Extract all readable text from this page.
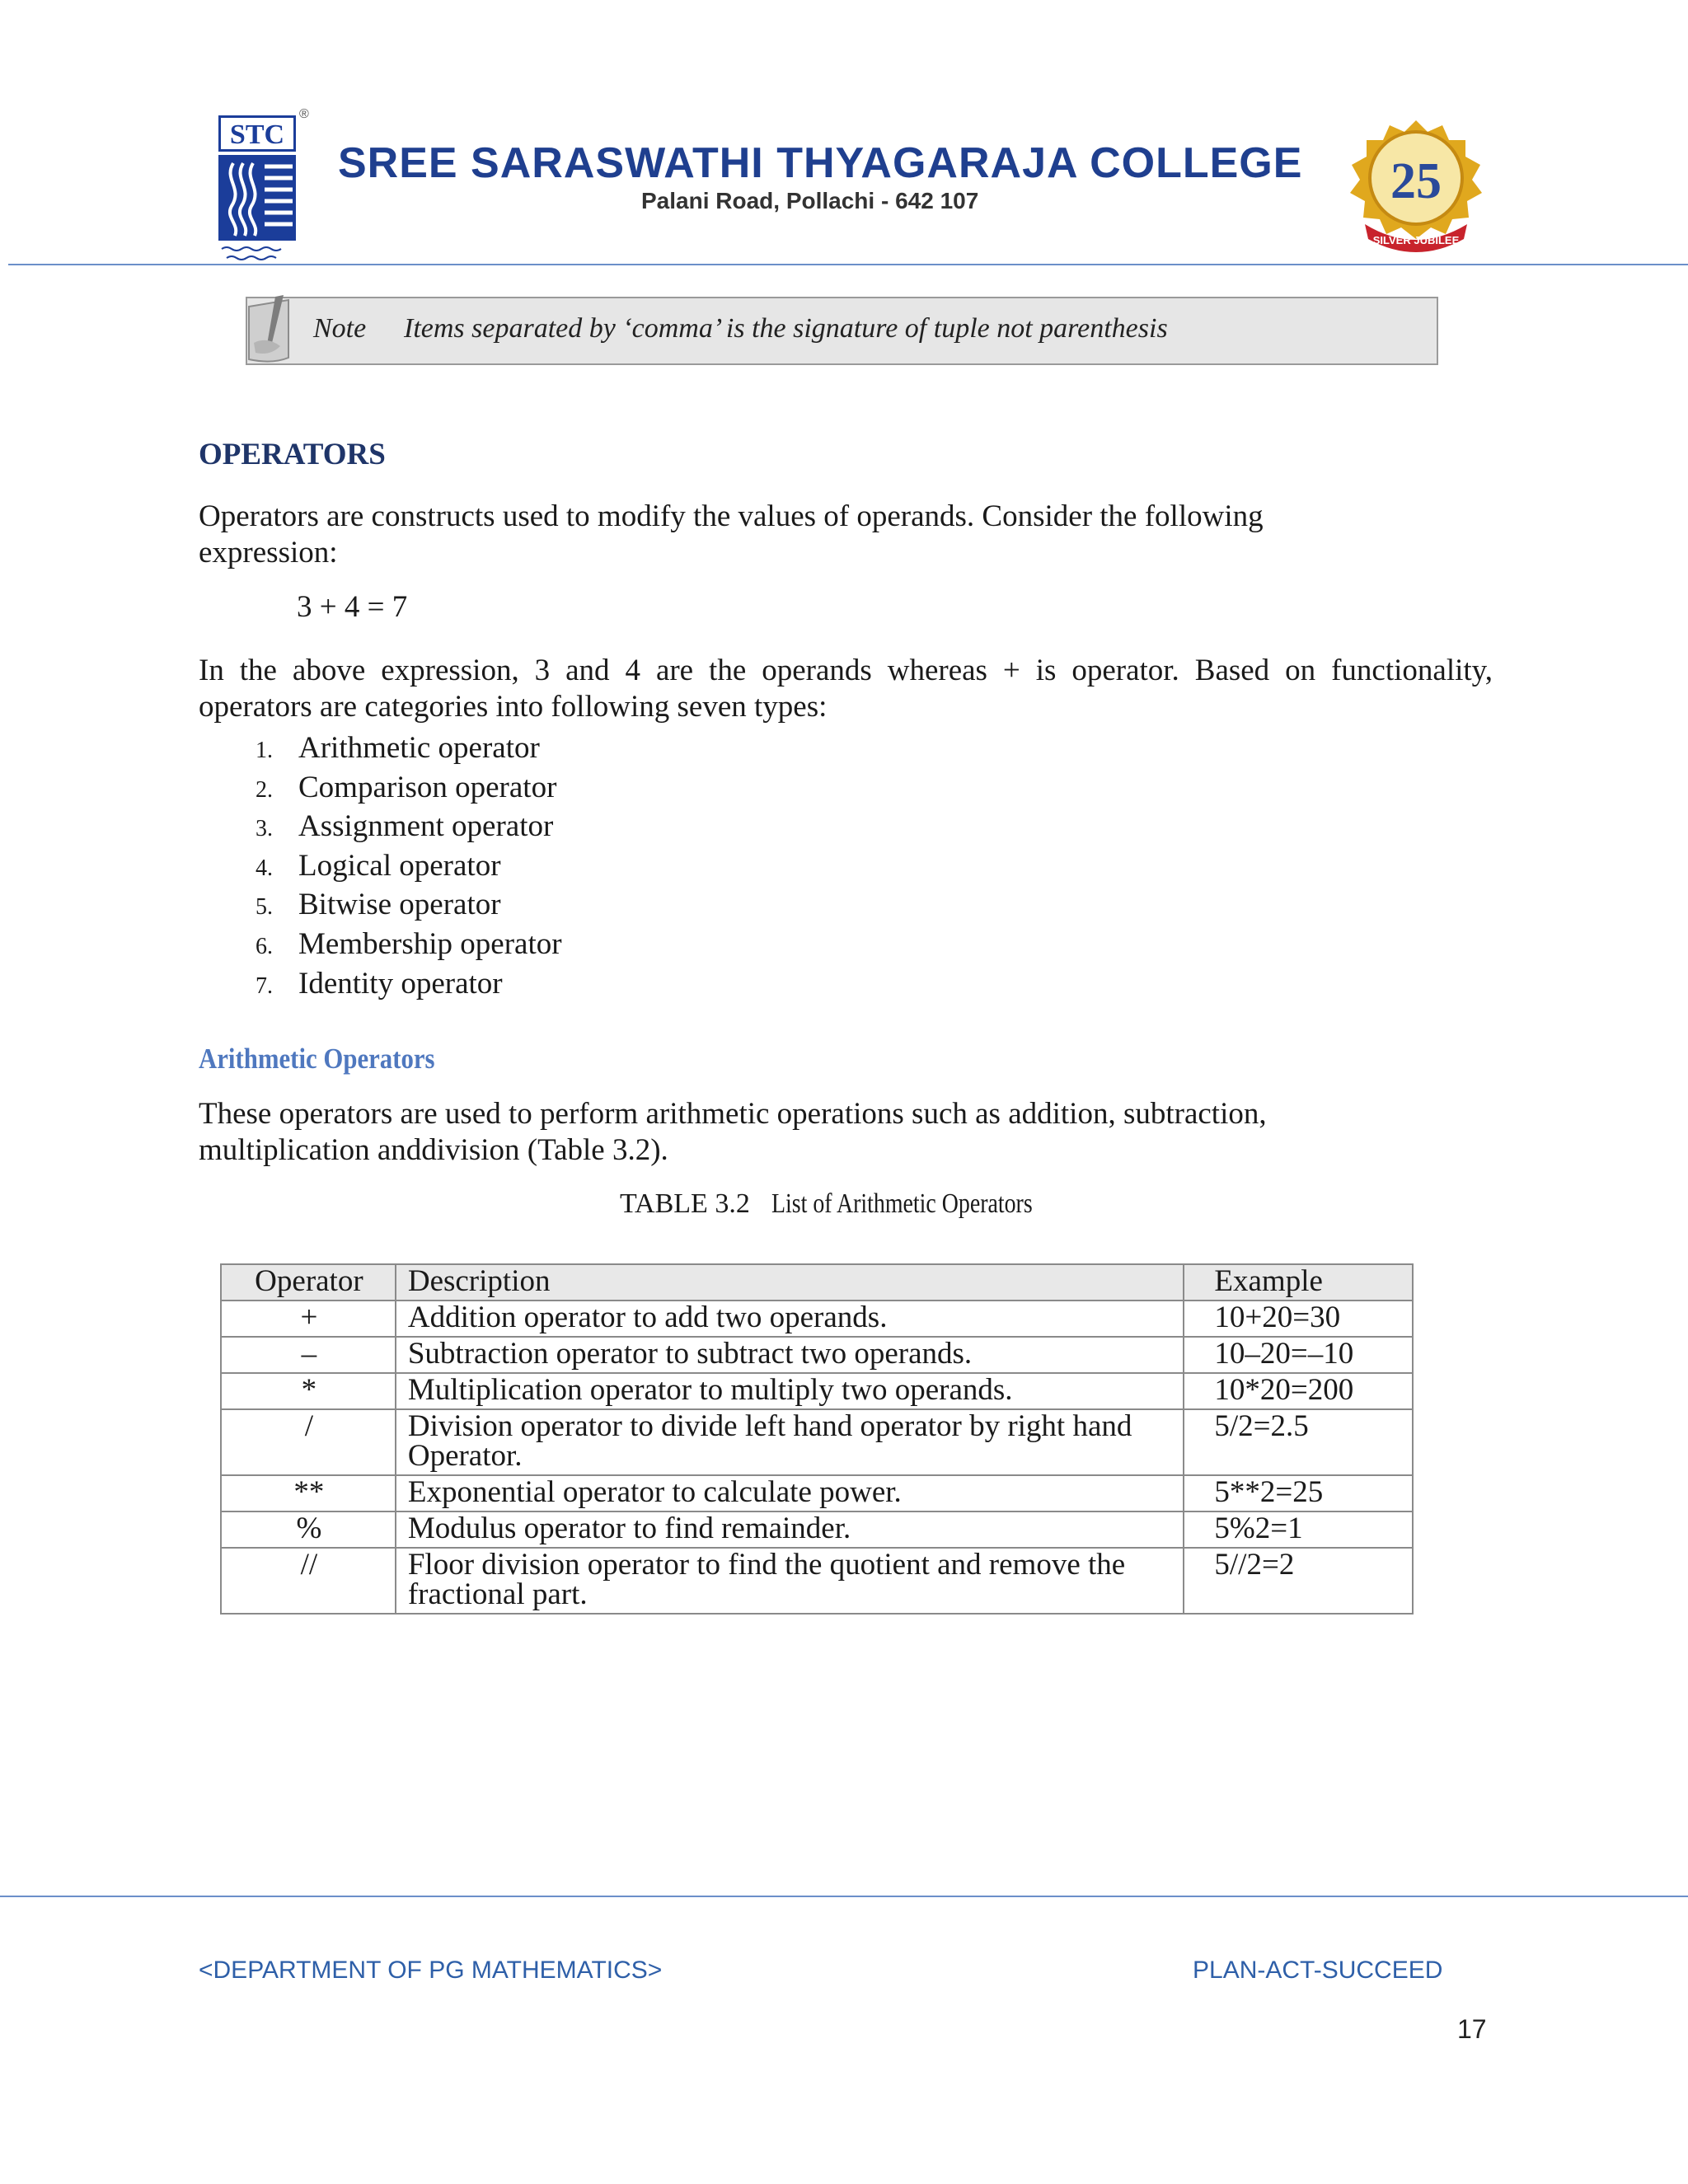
STC
®
SREE SARASWATHI THYAGARAJA COLLEGE
Palani Road, Pollachi - 642 107	25
SILVER JUBILEE
Note Items separated by ‘comma’ is the signature of tuple not parenthesis
OPERATORS
Operators are constructs used to modify the values of operands. Consider the following
expression:
3 + 4 = 7
In the above expression, 3 and 4 are the operands whereas + is operator. Based on functionality,
operators are categories into following seven types:
1. Arithmetic operator
2. Comparison operator
3. Assignment operator
4. Logical operator
5. Bitwise operator
6. Membership operator
7. Identity operator
Arithmetic Operators
These operators are used to perform arithmetic operations such as addition, subtraction,
multiplication anddivision (Table 3.2).
TABLE 3.2 List of Arithmetic Operators
Operator	Description	Example
+	Addition operator to add two operands.	10+20=30
–	Subtraction operator to subtract two operands.	10–20=–10
*	Multiplication operator to multiply two operands.	10*20=200
/	Division operator to divide left hand operator by right hand Operator.	5/2=2.5
**	Exponential operator to calculate power.	5**2=25
%	Modulus operator to find remainder.	5%2=1
//	Floor division operator to find the quotient and remove the fractional part.	5//2=2
<DEPARTMENT OF PG MATHEMATICS>	PLAN-ACT-SUCCEED
17
